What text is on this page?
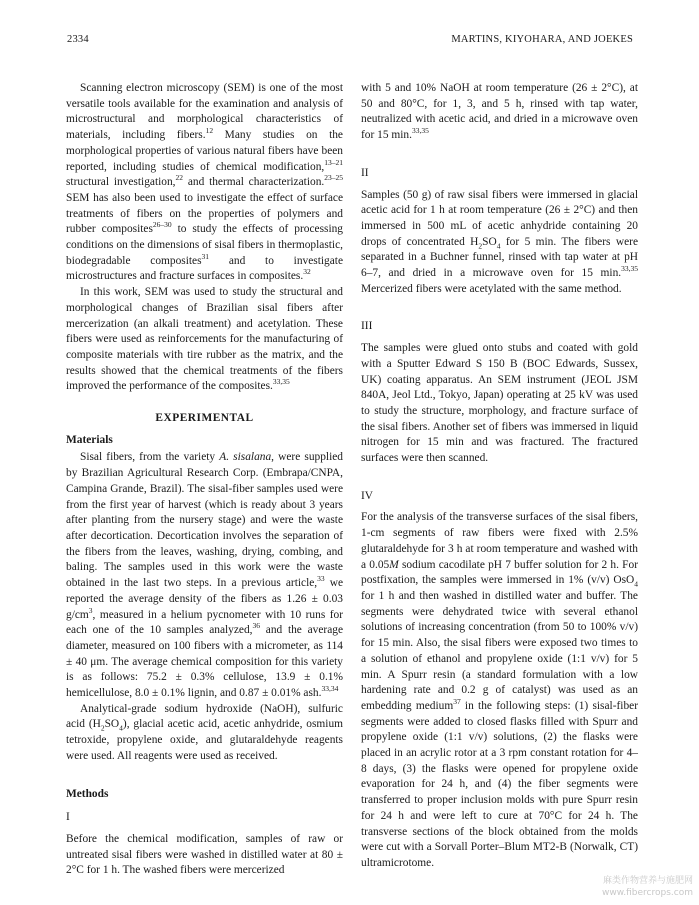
2334	MARTINS, KIYOHARA, AND JOEKES

Scanning electron microscopy (SEM) is one of the most versatile tools available for the examination and analysis of microstructural and morphological characteristics of materials, including fibers.$^{12}$ Many studies on the morphological properties of various natural fibers have been reported, including studies of chemical modification,$^{13-21}$ structural investigation,$^{22}$ and thermal characterization.$^{23-25}$ SEM has also been used to investigate the effect of surface treatments of fibers on the properties of polymers and rubber composites$^{26-30}$ to study the effects of processing conditions on the dimensions of sisal fibers in thermoplastic, biodegradable composites$^{31}$ and to investigate microstructures and fracture surfaces in composites.$^{32}$

In this work, SEM was used to study the structural and morphological changes of Brazilian sisal fibers after mercerization (an alkali treatment) and acetylation. These fibers were used as reinforcements for the manufacturing of composite materials with tire rubber as the matrix, and the results showed that the chemical treatments of the fibers improved the performance of the composites.$^{33,35}$

EXPERIMENTAL
Materials

Sisal fibers, from the variety A. sisalana, were supplied by Brazilian Agricultural Research Corp. (Embrapa/CNPA, Campina Grande, Brazil). The sisal-fiber samples used were from the first year of harvest (which is ready about 3 years after planting from the nursery stage) and were the waste after decortication. Decortication involves the separation of the fibers from the leaves, washing, drying, combing, and baling. The samples used in this work were the waste obtained in the last two steps. In a previous article,$^{33}$ we reported the average density of the fibers as 1.26 ± 0.03 $g/cm^3$, measured in a helium pycnometer with 10 runs for each one of the 10 samples analyzed,$^{36}$ and the average diameter, measured on 100 fibers with a micrometer, as 114 ± 40 μm. The average chemical composition for this variety is as follows: 75.2 ± 0.3% cellulose, 13.9 ± 0.1% hemicellulose, 8.0 ± 0.1% lignin, and 0.87 ± 0.01% ash.$^{33,34}$

Analytical-grade sodium hydroxide (NaOH), sulfuric acid $(H_2SO_4)$, glacial acetic acid, acetic anhydride, osmium tetroxide, propylene oxide, and glutaraldehyde reagents were used. All reagents were used as received.

Methods
I

Before the chemical modification, samples of raw or untreated sisal fibers were washed in distilled water at 80 ± 2°C for 1 h. The washed fibers were mercerized

with 5 and 10% NaOH at room temperature (26 ± 2°C), at 50 and 80°C, for 1, 3, and 5 h, rinsed with tap water, neutralized with acetic acid, and dried in a microwave oven for 15 min.$^{33,35}$

II

Samples (50 g) of raw sisal fibers were immersed in glacial acetic acid for 1 h at room temperature (26 ± 2°C) and then immersed in 500 mL of acetic anhydride containing 20 drops of concentrated $H_2SO_4$ for 5 min. The fibers were separated in a Buchner funnel, rinsed with tap water at pH 6–7, and dried in a microwave oven for 15 min.$^{33,35}$ Mercerized fibers were acetylated with the same method.

III

The samples were glued onto stubs and coated with gold with a Sputter Edward S 150 B (BOC Edwards, Sussex, UK) coating apparatus. An SEM instrument (JEOL JSM 840A, Jeol Ltd., Tokyo, Japan) operating at 25 kV was used to study the structure, morphology, and fracture surface of the sisal fibers. Another set of fibers was immersed in liquid nitrogen for 15 min and was fractured. The fractured surfaces were then scanned.

IV

For the analysis of the transverse surfaces of the sisal fibers, 1-cm segments of raw fibers were fixed with 2.5% glutaraldehyde for 3 h at room temperature and washed with a 0.05M sodium cacodilate pH 7 buffer solution for 2 h. For postfixation, the samples were immersed in 1% (v/v) OsO$_4$ for 1 h and then washed in distilled water and buffer. The segments were dehydrated twice with several ethanol solutions of increasing concentration (from 50 to 100% v/v) for 15 min. Also, the sisal fibers were exposed two times to a solution of ethanol and propylene oxide (1:1 v/v) for 5 min. A Spurr resin (a standard formulation with a low hardening rate and 0.2 g of catalyst) was used as an embedding medium$^{37}$ in the following steps: (1) sisal-fiber segments were added to closed flasks filled with Spurr and propylene oxide (1:1 v/v) solutions, (2) the flasks were placed in an acrylic rotor at a 3 rpm constant rotation for 4–8 days, (3) the flasks were opened for propylene oxide evaporation for 24 h, and (4) the fiber segments were transferred to proper inclusion molds with pure Spurr resin for 24 h and were left to cure at 70°C for 24 h. The transverse sections of the block obtained from the molds were cut with a Sorvall Porter–Blum MT2-B (Norwalk, CT) ultramicrotome.

麻类作物营养与施肥网
www.fibercrops.com
